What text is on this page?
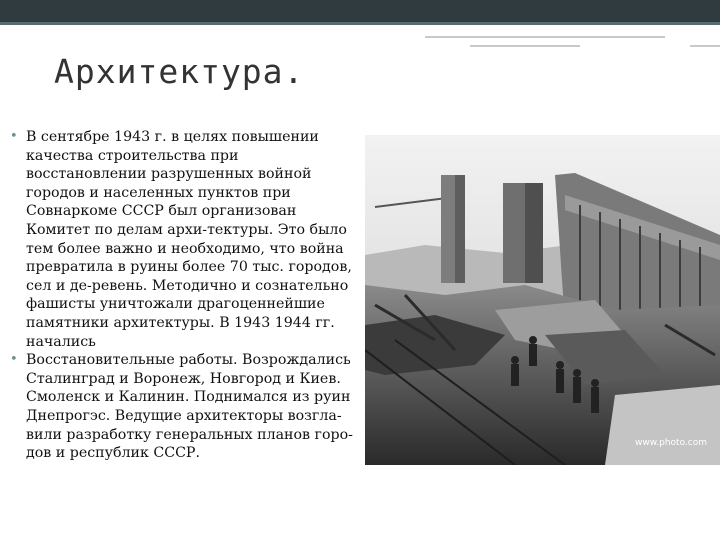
Архитектура.
• В сентябре 1943 г. в целях повышении качества строительства при восстановлении разрушенных войной городов и населенных пунктов при Совнаркоме СССР был организован Комитет по делам архи-тектуры. Это было тем более важно и необходимо, что война превратила в руины более 70 тыс. городов, сел и де-ревень. Методично и сознательно фашисты уничтожали драгоценнейшие памятники архитектуры. В 1943 1944 гг. начались
• Восстановительные работы. Возрождались Сталинград и Воронеж, Новгород и Киев. Смоленск и Калинин. Поднимался из руин Днепрогэс. Ведущие архитекторы возгла-вили разработку генеральных планов горо-дов и республик СССР.
www.photo.com
